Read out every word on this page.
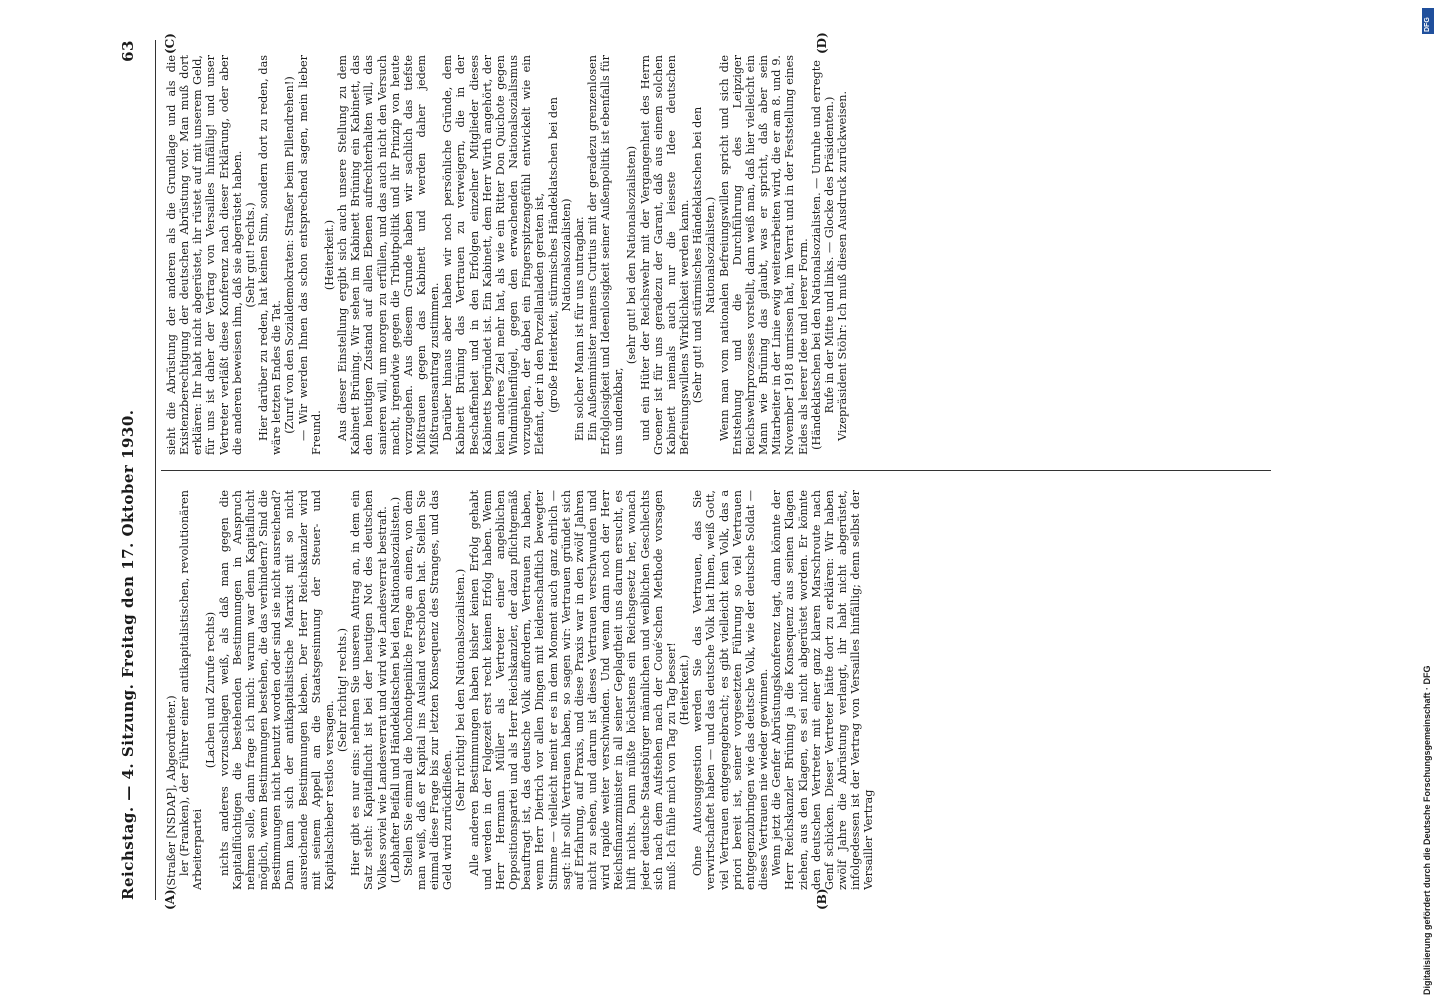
Reichstag. — 4. Sitzung. Freitag den 17. Oktober 1930.
63
(A)	(B)
(C)	(D)

(Straßer [NSDAP], Abgeordneter.) ler (Franken), der Führer einer antikapitalistischen, revolutionären Arbeiterpartei

(Lachen und Zurufe rechts) nichts anderes vorzuschlagen weiß, als daß man gegen die Kapitalflüchtigen die bestehenden Bestimmungen in Anspruch nehmen solle, dann frage ich mich: warum war denn Kapitalflucht möglich, wenn Bestimmungen bestehen, die das verhindern? Sind die Bestimmungen nicht benutzt worden oder sind sie nicht ausreichend? Dann kann sich der antikapitalistische Marxist mit so nicht ausreichende Bestimmungen kleben. Der Herr Reichskanzler wird mit seinem Appell an die Staatsgesinnung der Steuer- und Kapitalschieber restlos versagen.

(Sehr richtig! rechts.) Hier gibt es nur eins: nehmen Sie unseren Antrag an, in dem ein Satz steht: Kapitalflucht ist bei der heutigen Not des deutschen Volkes soviel wie Landesverrat und wird wie Landesverrat bestraft. (Lebhafter Beifall und Händeklatschen bei den Nationalsozialisten.) Stellen Sie einmal die hochnotpeinliche Frage an einen, von dem man weiß, daß er Kapital ins Ausland verschoben hat. Stellen Sie einmal diese Frage bis zur letzten Konsequenz des Stranges, und das Geld wird zurückfließen.

(Sehr richtig! bei den Nationalsozialisten.) Alle anderen Bestimmungen haben bisher keinen Erfolg gehabt und werden in der Folgezeit erst recht keinen Erfolg haben. Wenn Herr Hermann Müller als Vertreter einer angeblichen Oppositionspartei und als Herr Reichskanzler, der dazu pflichtgemäß beauftragt ist, das deutsche Volk auffordern, Vertrauen zu haben, wenn Herr Dietrich vor allen Dingen mit leidenschaftlich bewegter Stimme — vielleicht meint er es in dem Moment auch ganz ehrlich — sagt: ihr sollt Vertrauen haben, so sagen wir: Vertrauen gründet sich auf Erfahrung, auf Praxis, und diese Praxis war in den zwölf Jahren nicht zu sehen, und darum ist dieses Vertrauen verschwunden und wird rapide weiter verschwinden. Und wenn dann noch der Herr Reichsfinanzminister in all seiner Geplagtheit uns darum ersucht, es hilft nichts. Dann müßte höchstens ein Reichsgesetz her, wonach jeder deutsche Staatsbürger männlichen und weiblichen Geschlechts sich nach dem Aufstehen nach der Coué'schen Methode vorsagen muß: Ich fühle mich von Tag zu Tag besser! (Heiterkeit.) Ohne Autosuggestion werden Sie das Vertrauen, das Sie verwirtschaftet haben — und das deutsche Volk hat Ihnen, weiß Gott, viel Vertrauen entgegengebracht; es gibt vielleicht kein Volk, das a priori bereit ist, seiner vorgesetzten Führung so viel Vertrauen entgegenzubringen wie das deutsche Volk, wie der deutsche Soldat — dieses Vertrauen nie wieder gewinnen. Wenn jetzt die Genfer Abrüstungskonferenz tagt, dann könnte der Herr Reichskanzler Brüning ja die Konsequenz aus seinen Klagen ziehen, aus den Klagen, es sei nicht abgerüstet worden. Er könnte den deutschen Vertreter mit einer ganz klaren Marschroute nach Genf schicken. Dieser Vertreter hätte dort zu erklären: Wir haben zwölf Jahre die Abrüstung verlangt, ihr habt nicht abgerüstet, infolgedessen ist der Vertrag von Versailles hinfällig; denn selbst der Versailler Vertrag

sieht die Abrüstung der anderen als die Grundlage und als die Existenzberechtigung der deutschen Abrüstung vor. Man muß dort erklären: Ihr habt nicht abgerüstet, ihr rüstet auf mit unserem Geld, für uns ist daher der Vertrag von Versailles hinfällig! und unser Vertreter verläßt diese Konferenz nach dieser Erklärung, oder aber die anderen beweisen ihm, daß sie abgerüstet haben. (Sehr gut! rechts.) Hier darüber zu reden, hat keinen Sinn, sondern dort zu reden, das wäre letzten Endes die Tat. (Zuruf von den Sozialdemokraten: Straßer beim Pillendrehen!) — Wir werden Ihnen das schon entsprechend sagen, mein lieber Freund.

(Heiterkeit.) Aus dieser Einstellung ergibt sich auch unsere Stellung zu dem Kabinett Brüning. Wir sehen im Kabinett Brüning ein Kabinett, das den heutigen Zustand auf allen Ebenen aufrechterhalten will, das sanieren will, um morgen zu erfüllen, und das auch nicht den Versuch macht, irgendwie gegen die Tributpolitik und ihr Prinzip von heute vorzugehen. Aus diesem Grunde haben wir sachlich das tiefste Mißtrauen gegen das Kabinett und werden daher jedem Mißtrauensantrag zustimmen. Darüber hinaus aber haben wir noch persönliche Gründe, dem Kabinett Brüning das Vertrauen zu verweigern, die in der Beschaffenheit und in den Erfolgen einzelner Mitglieder dieses Kabinetts begründet ist. Ein Kabinett, dem Herr Wirth angehört, der kein anderes Ziel mehr hat, als wie ein Ritter Don Quichote gegen Windmühlenflügel, gegen den erwachenden Nationalsozialismus vorzugehen, der dabei ein Fingerspitzengefühl entwickelt wie ein Elefant, der in den Porzellanladen geraten ist, (große Heiterkeit, stürmisches Händeklatschen bei den Nationalsozialisten) Ein solcher Mann ist für uns untragbar. Ein Außenminister namens Curtius mit der geradezu grenzenlosen Erfolglosigkeit und Ideenlosigkeit seiner Außenpolitik ist ebenfalls für uns undenkbar,

(sehr gut! bei den Nationalsozialisten) und ein Hüter der Reichswehr mit der Vergangenheit des Herrn Groener ist für uns geradezu der Garant, daß aus einem solchen Kabinett niemals auch nur die leiseste Idee deutschen Befreiungswillens Wirklichkeit werden kann. (Sehr gut! und stürmisches Händeklatschen bei den Nationalsozialisten.) Wenn man vom nationalen Befreiungswillen spricht und sich die Entstehung und die Durchführung des Leipziger Reichswehrprozesses vorstellt, dann weiß man, daß hier vielleicht ein Mann wie Brüning das glaubt, was er spricht, daß aber sein Mitarbeiter in der Linie ewig weiterarbeiten wird, die er am 8. und 9. November 1918 umrissen hat, im Verrat und in der Feststellung eines Eides als leerer Idee und leerer Form. (Händeklatschen bei den Nationalsozialisten. — Unruhe und erregte Rufe in der Mitte und links. — Glocke des Präsidenten.) Vizepräsident Stöhr: Ich muß diesen Ausdruck zurückweisen.

DFG
Digitalisierung gefördert durch die Deutsche Forschungsgemeinschaft · DFG
